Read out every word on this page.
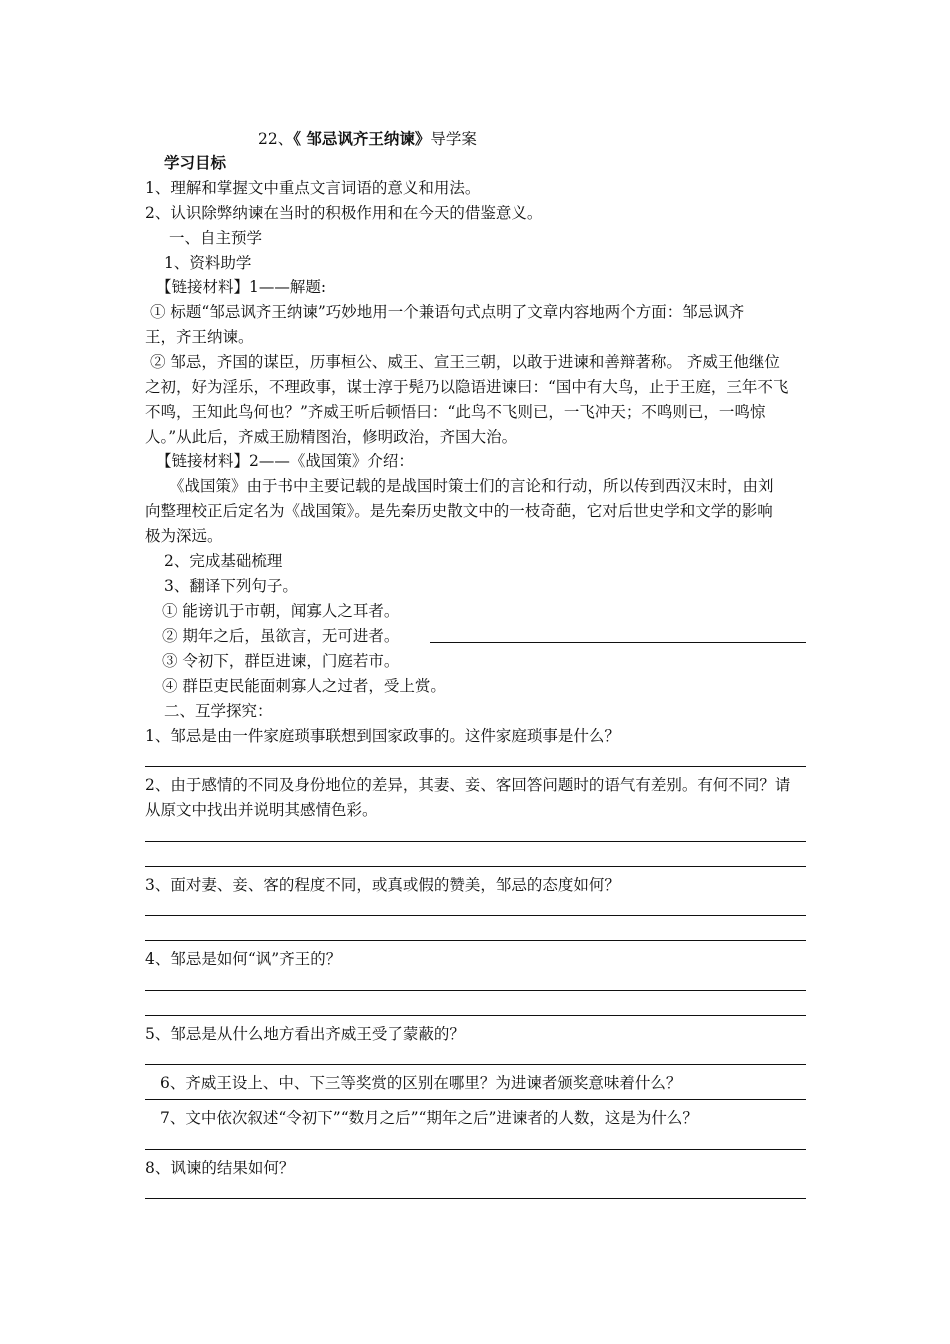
22、《 邹忌讽齐王纳谏》导学案
学习目标
1、理解和掌握文中重点文言词语的意义和用法。
2、认识除弊纳谏在当时的积极作用和在今天的借鉴意义。
一、自主预学
1、资料助学
【链接材料】1——解题:
① 标题“邹忌讽齐王纳谏”巧妙地用一个兼语句式点明了文章内容地两个方面：邹忌讽齐
王，齐王纳谏。
② 邹忌，齐国的谋臣，历事桓公、威王、宣王三朝，以敢于进谏和善辩著称。 齐威王他继位
之初，好为淫乐，不理政事，谋士淳于髡乃以隐语进谏曰：“国中有大鸟，止于王庭，三年不飞
不鸣，王知此鸟何也？”齐威王听后顿悟曰：“此鸟不飞则已，一飞冲天；不鸣则已，一鸣惊
人。”从此后，齐威王励精图治，修明政治，齐国大治。
【链接材料】2——《战国策》介绍：
《战国策》由于书中主要记载的是战国时策士们的言论和行动，所以传到西汉末时，由刘
向整理校正后定名为《战国策》。是先秦历史散文中的一枝奇葩，它对后世史学和文学的影响
极为深远。
2、完成基础梳理
3、翻译下列句子。
① 能谤讥于市朝，闻寡人之耳者。
② 期年之后，虽欲言，无可进者。
③ 令初下，群臣进谏，门庭若市。
④ 群臣吏民能面刺寡人之过者，受上赏。
二、互学探究：
1、邹忌是由一件家庭琐事联想到国家政事的。这件家庭琐事是什么？
2、由于感情的不同及身份地位的差异，其妻、妾、客回答问题时的语气有差别。有何不同？请
从原文中找出并说明其感情色彩。
3、面对妻、妾、客的程度不同，或真或假的赞美，邹忌的态度如何？
4、邹忌是如何“讽”齐王的？
5、邹忌是从什么地方看出齐威王受了蒙蔽的？
6、齐威王设上、中、下三等奖赏的区别在哪里？为进谏者颁奖意味着什么？
7、文中依次叙述“令初下”“数月之后”“期年之后”进谏者的人数，这是为什么？
8、讽谏的结果如何？
